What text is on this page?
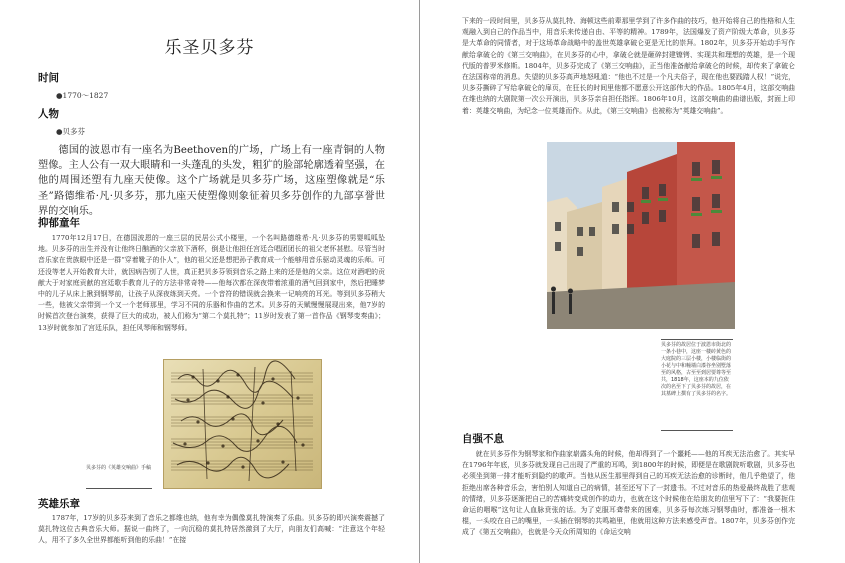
乐圣贝多芬
时间
●1770～1827
人物
●贝多芬
德国的波恩市有一座名为Beethoven的广场，广场上有一座青铜的人物塑像。主人公有一双大眼睛和一头蓬乱的头发，粗犷的脸部轮廓透着坚强，在他的周围还塑有九座天使像。这个广场就是贝多芬广场，这座塑像就是“乐圣”路德维希·凡·贝多芬，那九座天使塑像则象征着贝多芬创作的九部享誉世界的交响乐。
抑郁童年
1770年12月17日，在德国波恩的一座三层的民居公式小楼里，一个名叫路德维希·凡·贝多芬的男婴呱呱坠地。贝多芬的出生并没有让他终日酗酒的父亲放下酒杯，倒是让他担任宫廷合唱团团长的祖父老怀甚慰。尽管当时音乐家在贵族眼中还是一群“穿着靴子的仆人”，他的祖父还是想把孙子教育成一个能够用音乐驱动灵魂的乐师。可还没等老人开始教育大计，就因病告别了人世，真正把贝多芬领到音乐之路上来的还是他的父亲。这位对酒吧的贡献大于对家庭贡献的宫廷歌手教育儿子的方法非常奇特——他每次都在深夜带着浓重的酒气回到家中，然后把睡梦中的儿子从床上揪到钢琴前，让孩子从深夜练到天亮。一个音符的错误就会换来一记响亮的耳光。等到贝多芬稍大一些，他被父亲带到一个又一个老师那里，学习不同的乐器和作曲的艺术。贝多芬的天赋慢慢展现出来，他7岁的时候首次登台演奏，获得了巨大的成功，被人们称为“第二个莫扎特”；11岁时发表了第一首作品《钢琴变奏曲》；13岁时就参加了宫廷乐队，担任风琴师和钢琴师。
贝多芬的《英雄交响曲》手稿
英雄乐章
1787年，17岁的贝多芬来到了音乐之都维也纳，他有幸为偶像莫扎特演奏了乐曲。贝多芬的即兴演奏震撼了莫扎特这位古典音乐大师。据说一曲终了，一向沉稳的莫扎特居然激到了大厅，向朋友们高喊：“注意这个年轻人，用不了多久全世界都能听到他的乐曲！”在接
下来的一段时间里，贝多芬从莫扎特、海顿这些前辈那里学到了许多作曲的技巧，他开始将自己的性格和人生观融入到自己的作品当中，用音乐来传递自由、平等的精神。1789年，法国爆发了资产阶级大革命，贝多芬是大革命的同情者，对于这场革命战略中的盖世英雄拿破仑更是无比的崇拜。1802年，贝多芬开始动手写作献给拿破仑的《第三交响曲》，在贝多芬的心中，拿破仑就是砸碎封建镣铐、实现共和理想的英雄，是一个现代版的普罗米修斯。1804年，贝多芬完成了《第三交响曲》，正当他准备献给拿破仑的时候，却传来了拿破仑在法国称帝的消息。失望的贝多芬高声地怒吼道：“他也不过是一个凡夫俗子，现在他也要践踏人权！”说完，贝多芬撕碎了写给拿破仑的扉页，在狂长的时间里他都不愿意公开这部伟大的作品。1805年4月，这部交响曲在维也纳的大剧院第一次公开演出，贝多芬亲自担任指挥。1806年10月，这部交响曲的曲谱出版，封面上印着：英雄交响曲，为纪念一位英雄而作。从此，《第三交响曲》也被称为“英雄交响曲”。
自强不息
就在贝多芬作为钢琴家和作曲家崭露头角的时候，他却得到了一个噩耗——他的耳疾无法治愈了。其实早在1796年年底，贝多芬就发现自己出现了严重的耳鸣，到1800年的时候，即便是在歌剧院听歌剧，贝多芬也必须坐到第一排才能听到隐约的歌声。当他从医生那里得到自己的耳疾无法治愈的诊断时，他几乎绝望了，他拒绝出席各种音乐会，害怕别人知道自己的病情，甚至还写下了一封遗书。不过对音乐的热爱最终战胜了悲观的情绪，贝多芬逐渐把自己的苦痛转变成创作的动力，也就在这个时候他在给朋友的信里写下了：“我要扼住命运的咽喉”这句让人血脉贲张的话。为了克服耳聋带来的困难，贝多芬每次练习钢琴曲时，都准备一根木棍，一头咬在自己的嘴里，一头插在钢琴的共鸣箱里，他就用这种方法来感受声音。1807年，贝多芬创作完成了《第五交响曲》，也就是今天众所周知的《命运交响
贝多芬的故居位于波恩市街北的一条小巷中，这座一楼砖黄色的大庭院的三层小楼，小楼临街的小花与中和幢墙白漆谷坐别墅落至的风格，古至至到居要尊等至共，1818年，这座本的九位依次的名至下了贝多芬的故居，在其墓碑上撰有了贝多芬的名字。
